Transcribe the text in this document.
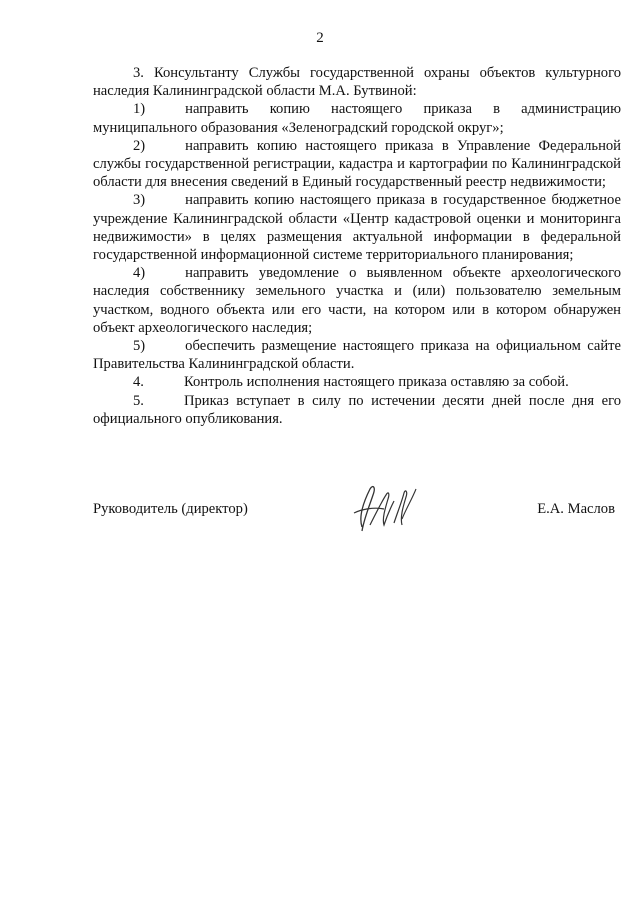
2

3. Консультанту Службы государственной охраны объектов культурного наследия Калининградской области М.А. Бутвиной:

1)	направить копию настоящего приказа в администрацию муниципального образования «Зеленоградский городской округ»;

2)	направить копию настоящего приказа в Управление Федеральной службы государственной регистрации, кадастра и картографии по Калининградской области для внесения сведений в Единый государственный реестр недвижимости;

3)	направить копию настоящего приказа в государственное бюджетное учреждение Калининградской области «Центр кадастровой оценки и мониторинга недвижимости» в целях размещения актуальной информации в федеральной государственной информационной системе территориального планирования;

4)	направить уведомление о выявленном объекте археологического наследия собственнику земельного участка и (или) пользователю земельным участком, водного объекта или его части, на котором или в котором обнаружен объект археологического наследия;

5)	обеспечить размещение настоящего приказа на официальном сайте Правительства Калининградской области.

4.	Контроль исполнения настоящего приказа оставляю за собой.

5.	Приказ вступает в силу по истечении десяти дней после дня его официального опубликования.

Руководитель (директор)	Е.А. Маслов
